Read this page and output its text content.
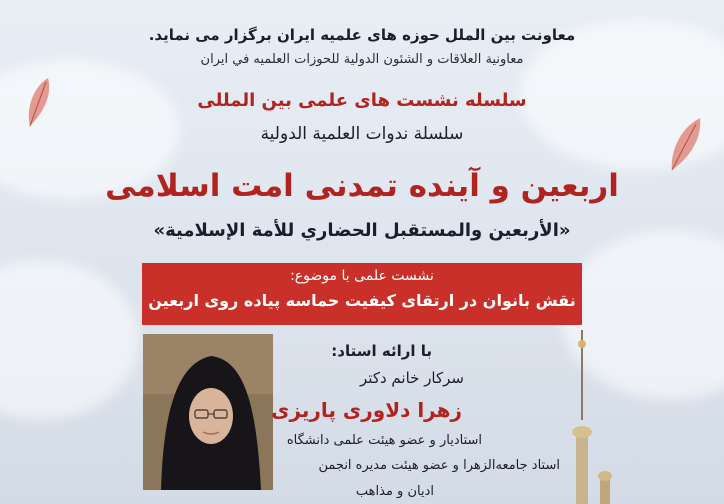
معاونت بین الملل حوزه های علمیه ایران برگزار می نماید.
معاونية العلاقات و الشئون الدولية للحوزات العلميه في ايران
سلسله نشست های علمی بین المللی
سلسلة ندوات العلمية الدولية
اربعین و آینده تمدنی امت اسلامی
«الأربعين والمستقبل الحضاري للأمة الإسلامية»
نشست علمی با موضوع:
نقش بانوان در ارتقای کیفیت حماسه پیاده روی اربعین
با ارائه استاد:
سرکار خانم دکتر
زهرا دلاوری پاریزی
استادیار و عضو هیئت علمی دانشگاه
استاد جامعه‌الزهرا و عضو هیئت مدیره انجمن
ادیان و مذاهب
